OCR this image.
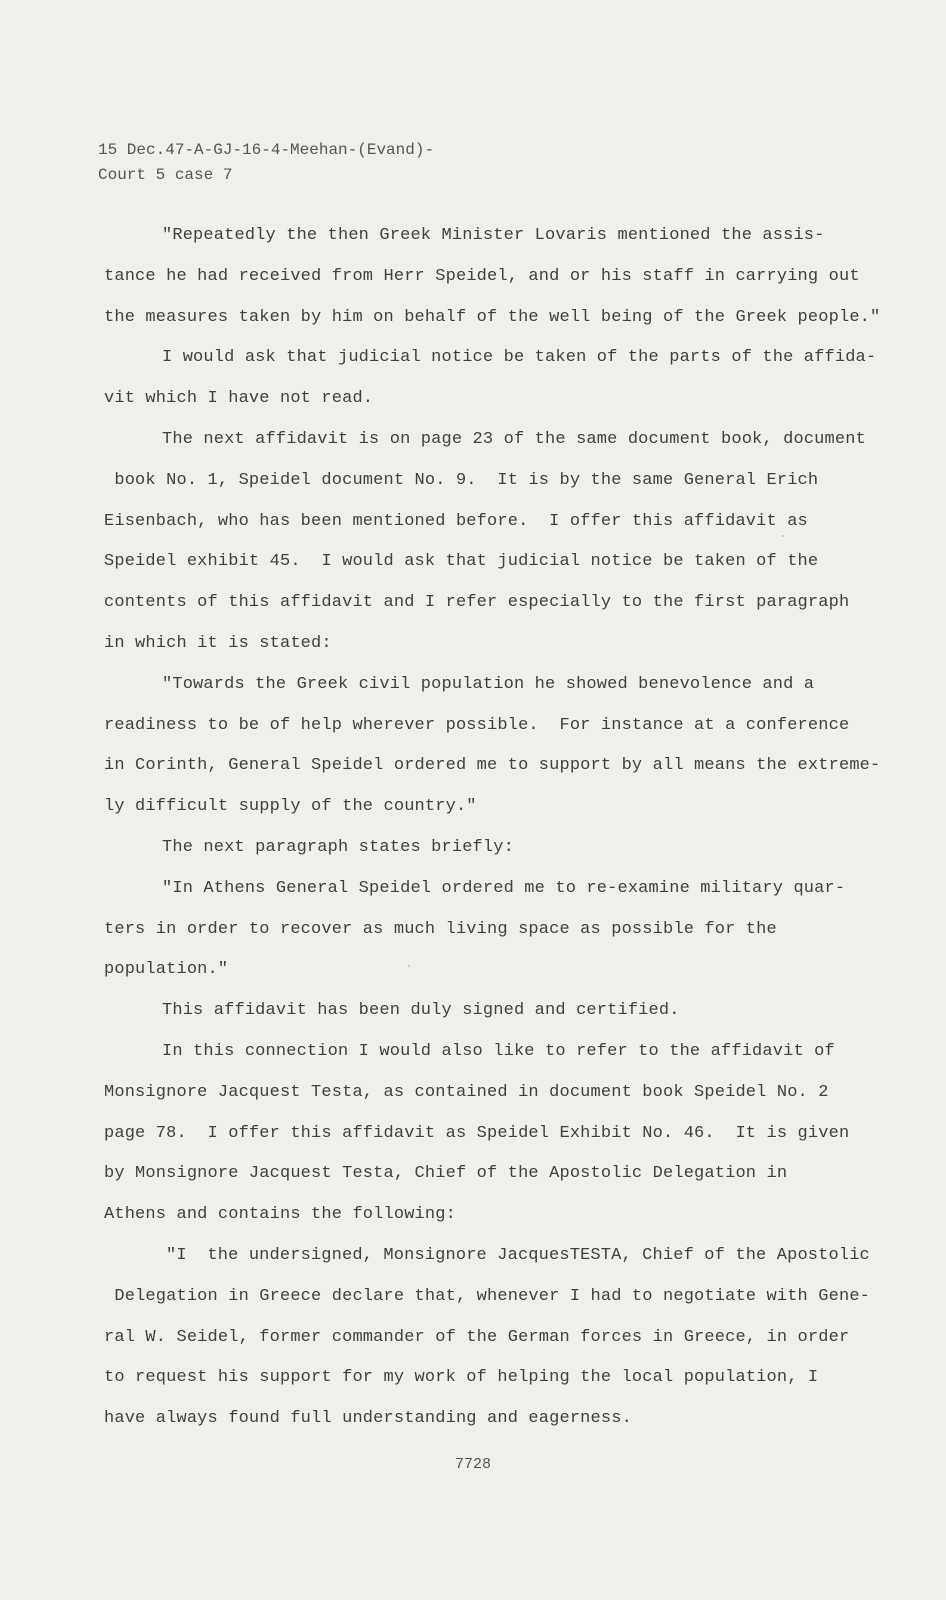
15 Dec.47-A-GJ-16-4-Meehan-(Evand)-
Court 5 case 7
"Repeatedly the then Greek Minister Lovaris mentioned the assis-
tance he had received from Herr Speidel, and or his staff in carrying out
the measures taken by him on behalf of the well being of the Greek people."
I would ask that judicial notice be taken of the parts of the affida-
vit which I have not read.
The next affidavit is on page 23 of the same document book, document
book No. 1, Speidel document No. 9.  It is by the same General Erich
Eisenbach, who has been mentioned before.  I offer this affidavit as
Speidel exhibit 45.  I would ask that judicial notice be taken of the
contents of this affidavit and I refer especially to the first paragraph
in which it is stated:
"Towards the Greek civil population he showed benevolence and a
readiness to be of help wherever possible.  For instance at a conference
in Corinth, General Speidel ordered me to support by all means the extreme-
ly difficult supply of the country."
The next paragraph states briefly:
"In Athens General Speidel ordered me to re-examine military quar-
ters in order to recover as much living space as possible for the
population."
This affidavit has been duly signed and certified.
In this connection I would also like to refer to the affidavit of
Monsignore Jacquest Testa, as contained in document book Speidel No. 2
page 78.  I offer this affidavit as Speidel Exhibit No. 46.  It is given
by Monsignore Jacquest Testa, Chief of the Apostolic Delegation in
Athens and contains the following:
"I  the undersigned, Monsignore JacquesTESTA, Chief of the Apostolic
Delegation in Greece declare that, whenever I had to negotiate with Gene-
ral W. Seidel, former commander of the German forces in Greece, in order
to request his support for my work of helping the local population, I
have always found full understanding and eagerness.
7728
